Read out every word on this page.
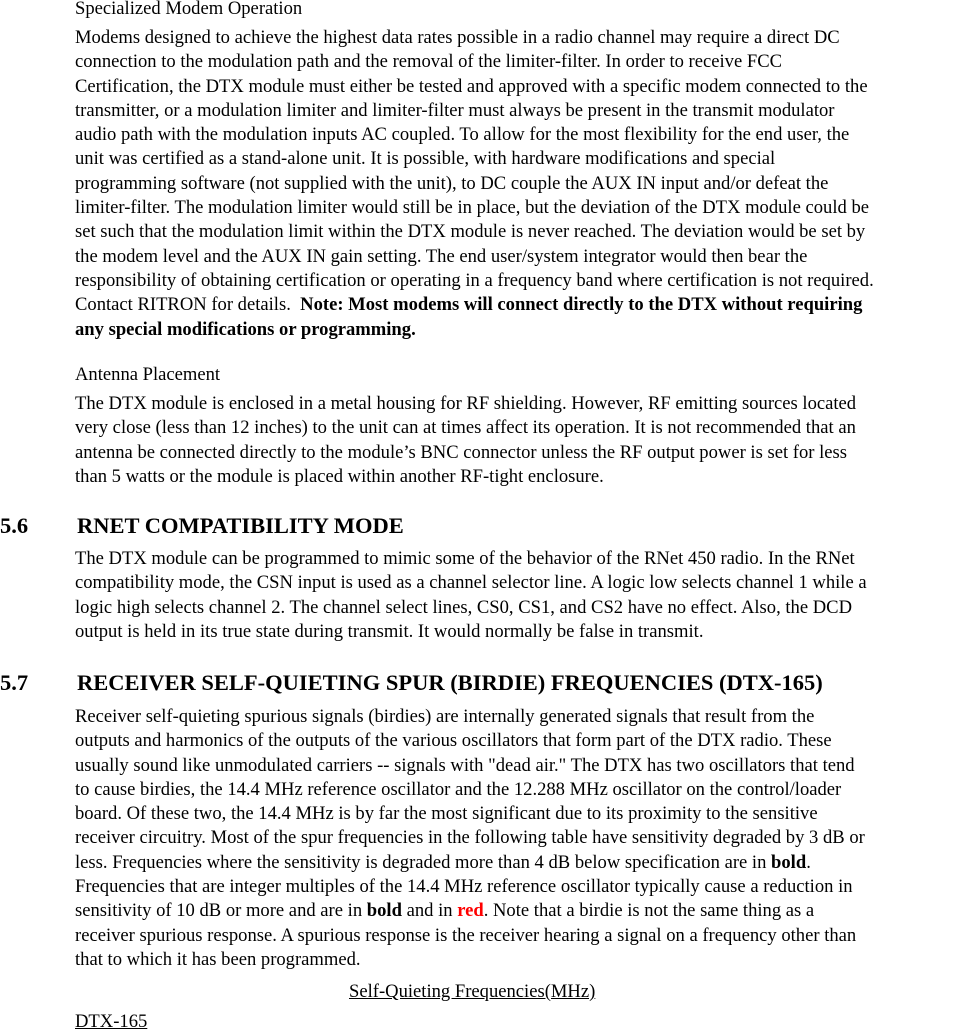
Specialized Modem Operation
Modems designed to achieve the highest data rates possible in a radio channel may require a direct DC
connection to the modulation path and the removal of the limiter-filter. In order to receive FCC
Certification, the DTX module must either be tested and approved with a specific modem connected to the
transmitter, or a modulation limiter and limiter-filter must always be present in the transmit modulator
audio path with the modulation inputs AC coupled. To allow for the most flexibility for the end user, the
unit was certified as a stand-alone unit. It is possible, with hardware modifications and special
programming software (not supplied with the unit), to DC couple the AUX IN input and/or defeat the
limiter-filter. The modulation limiter would still be in place, but the deviation of the DTX module could be
set such that the modulation limit within the DTX module is never reached. The deviation would be set by
the modem level and the AUX IN gain setting. The end user/system integrator would then bear the
responsibility of obtaining certification or operating in a frequency band where certification is not required.
Contact RITRON for details.  Note: Most modems will connect directly to the DTX without requiring
any special modifications or programming.
Antenna Placement
The DTX module is enclosed in a metal housing for RF shielding. However, RF emitting sources located
very close (less than 12 inches) to the unit can at times affect its operation. It is not recommended that an
antenna be connected directly to the module’s BNC connector unless the RF output power is set for less
than 5 watts or the module is placed within another RF-tight enclosure.
5.6 RNET COMPATIBILITY MODE
The DTX module can be programmed to mimic some of the behavior of the RNet 450 radio. In the RNet
compatibility mode, the CSN input is used as a channel selector line. A logic low selects channel 1 while a
logic high selects channel 2. The channel select lines, CS0, CS1, and CS2 have no effect. Also, the DCD
output is held in its true state during transmit. It would normally be false in transmit.
5.7 RECEIVER SELF-QUIETING SPUR (BIRDIE) FREQUENCIES (DTX-165)
Receiver self-quieting spurious signals (birdies) are internally generated signals that result from the
outputs and harmonics of the outputs of the various oscillators that form part of the DTX radio. These
usually sound like unmodulated carriers -- signals with "dead air." The DTX has two oscillators that tend
to cause birdies, the 14.4 MHz reference oscillator and the 12.288 MHz oscillator on the control/loader
board. Of these two, the 14.4 MHz is by far the most significant due to its proximity to the sensitive
receiver circuitry. Most of the spur frequencies in the following table have sensitivity degraded by 3 dB or
less. Frequencies where the sensitivity is degraded more than 4 dB below specification are in bold.
Frequencies that are integer multiples of the 14.4 MHz reference oscillator typically cause a reduction in
sensitivity of 10 dB or more and are in bold and in red. Note that a birdie is not the same thing as a
receiver spurious response. A spurious response is the receiver hearing a signal on a frequency other than
that to which it has been programmed.
Self-Quieting Frequencies(MHz)
DTX-165
